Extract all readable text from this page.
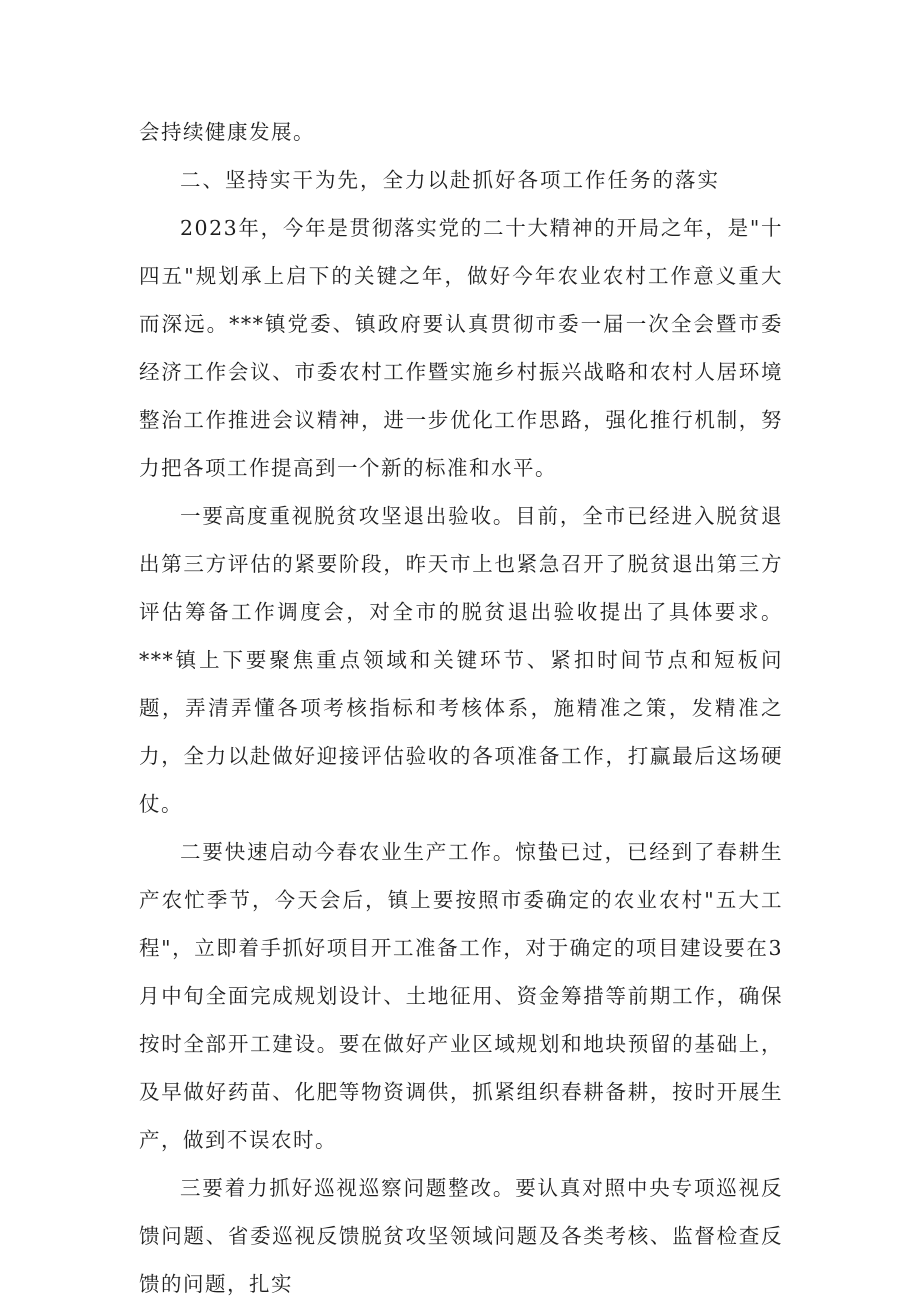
会持续健康发展。

二、坚持实干为先，全力以赴抓好各项工作任务的落实

2023年，今年是贯彻落实党的二十大精神的开局之年，是"十四五"规划承上启下的关键之年，做好今年农业农村工作意义重大而深远。***镇党委、镇政府要认真贯彻市委一届一次全会暨市委经济工作会议、市委农村工作暨实施乡村振兴战略和农村人居环境整治工作推进会议精神，进一步优化工作思路，强化推行机制，努力把各项工作提高到一个新的标准和水平。

一要高度重视脱贫攻坚退出验收。目前，全市已经进入脱贫退出第三方评估的紧要阶段，昨天市上也紧急召开了脱贫退出第三方评估筹备工作调度会，对全市的脱贫退出验收提出了具体要求。***镇上下要聚焦重点领域和关键环节、紧扣时间节点和短板问题，弄清弄懂各项考核指标和考核体系，施精准之策，发精准之力，全力以赴做好迎接评估验收的各项准备工作，打赢最后这场硬仗。

二要快速启动今春农业生产工作。惊蛰已过，已经到了春耕生产农忙季节，今天会后，镇上要按照市委确定的农业农村"五大工程"，立即着手抓好项目开工准备工作，对于确定的项目建设要在3月中旬全面完成规划设计、土地征用、资金筹措等前期工作，确保按时全部开工建设。要在做好产业区域规划和地块预留的基础上，及早做好药苗、化肥等物资调供，抓紧组织春耕备耕，按时开展生产，做到不误农时。

三要着力抓好巡视巡察问题整改。要认真对照中央专项巡视反馈问题、省委巡视反馈脱贫攻坚领域问题及各类考核、监督检查反馈的问题，扎实
